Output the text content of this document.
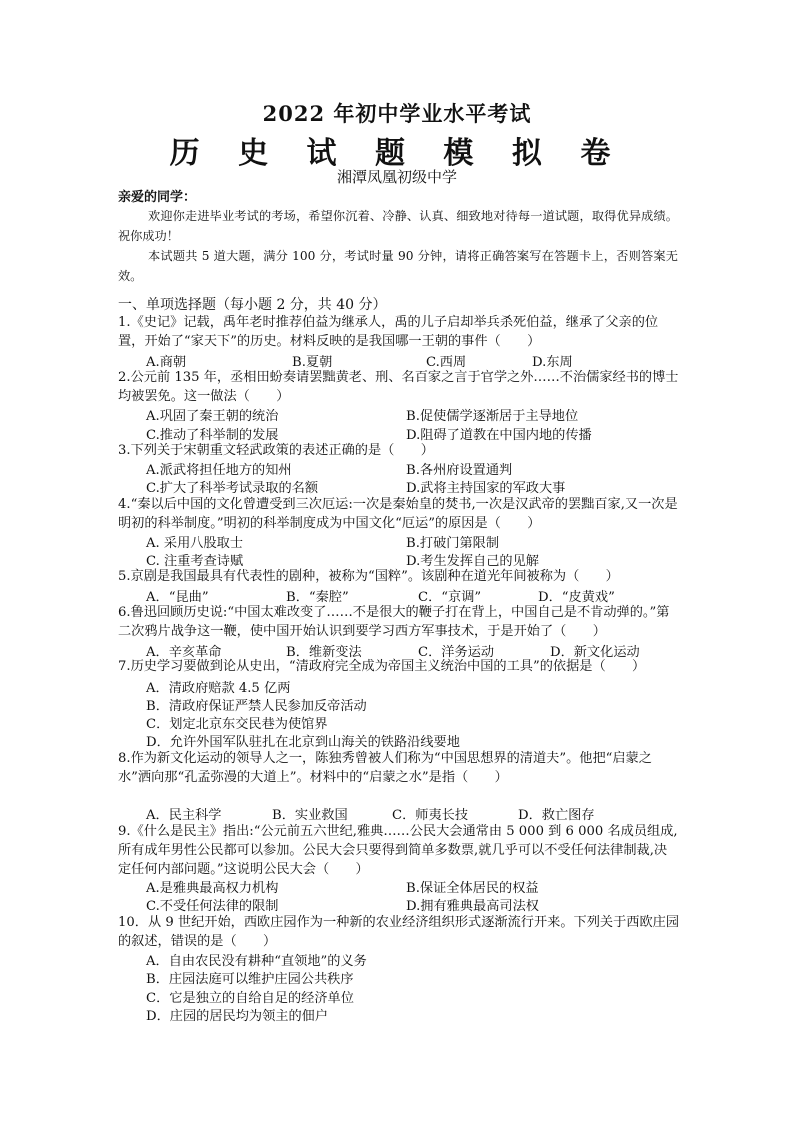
2022 年初中学业水平考试
历 史 试 题 模 拟 卷
湘潭凤凰初级中学
亲爱的同学：
欢迎你走进毕业考试的考场，希望你沉着、冷静、认真、细致地对待每一道试题，取得优异成绩。祝你成功！
本试题共 5 道大题，满分 100 分，考试时量 90 分钟，请将正确答案写在答题卡上，否则答案无效。
一、单项选择题（每小题 2 分，共 40 分）
1.《史记》记载，禹年老时推荐伯益为继承人，禹的儿子启却举兵杀死伯益，继承了父亲的位置，开始了“家天下”的历史。材料反映的是我国哪一王朝的事件（　　）
A.商朝	B.夏朝	C.西周	D.东周
2.公元前 135 年，丞相田蚡奏请罢黜黄老、刑、名百家之言于官学之外……不治儒家经书的博士均被罢免。这一做法（　　）
A.巩固了秦王朝的统治	B.促使儒学逐渐居于主导地位
C.推动了科举制的发展	D.阻碍了道教在中国内地的传播
3.下列关于宋朝重文轻武政策的表述正确的是（　　）
A.派武将担任地方的知州	B.各州府设置通判
C.扩大了科举考试录取的名额	D.武将主持国家的军政大事
4.“秦以后中国的文化曾遭受到三次厄运:一次是秦始皇的焚书,一次是汉武帝的罢黜百家,又一次是明初的科举制度。”明初的科举制度成为中国文化“厄运”的原因是（　　）
A. 采用八股取士	B.打破门第限制
C. 注重考查诗赋	D.考生发挥自己的见解
5.京剧是我国最具有代表性的剧种，被称为“国粹”。该剧种在道光年间被称为（　　）
A．“昆曲”	B．“秦腔”	C．“京调”	D．“皮黄戏”
6.鲁迅回顾历史说:“中国太难改变了……不是很大的鞭子打在背上，中国自己是不肯动弹的。”第二次鸦片战争这一鞭，使中国开始认识到要学习西方军事技术，于是开始了（　　）
A．辛亥革命	B．维新变法	C．洋务运动	D．新文化运动
7.历史学习要做到论从史出，“清政府完全成为帝国主义统治中国的工具”的依据是（　　）
A．清政府赔款 4.5 亿两
B．清政府保证严禁人民参加反帝活动
C．划定北京东交民巷为使馆界
D．允许外国军队驻扎在北京到山海关的铁路沿线要地
8.作为新文化运动的领导人之一，陈独秀曾被人们称为“中国思想界的清道夫”。他把“启蒙之水”洒向那“孔孟弥漫的大道上”。材料中的“启蒙之水”是指（　　）
A．民主科学	B．实业救国	C．师夷长技	D．救亡图存
9.《什么是民主》指出:“公元前五六世纪,雅典……公民大会通常由 5 000 到 6 000 名成员组成,所有成年男性公民都可以参加。公民大会只要得到简单多数票,就几乎可以不受任何法律制裁,决定任何内部问题。”这说明公民大会（　　）
A.是雅典最高权力机构	B.保证全体居民的权益
C.不受任何法律的限制	D.拥有雅典最高司法权
10．从 9 世纪开始，西欧庄园作为一种新的农业经济组织形式逐渐流行开来。下列关于西欧庄园的叙述，错误的是（　　）
A．自由农民没有耕种“直领地”的义务
B．庄园法庭可以维护庄园公共秩序
C．它是独立的自给自足的经济单位
D．庄园的居民均为领主的佃户
